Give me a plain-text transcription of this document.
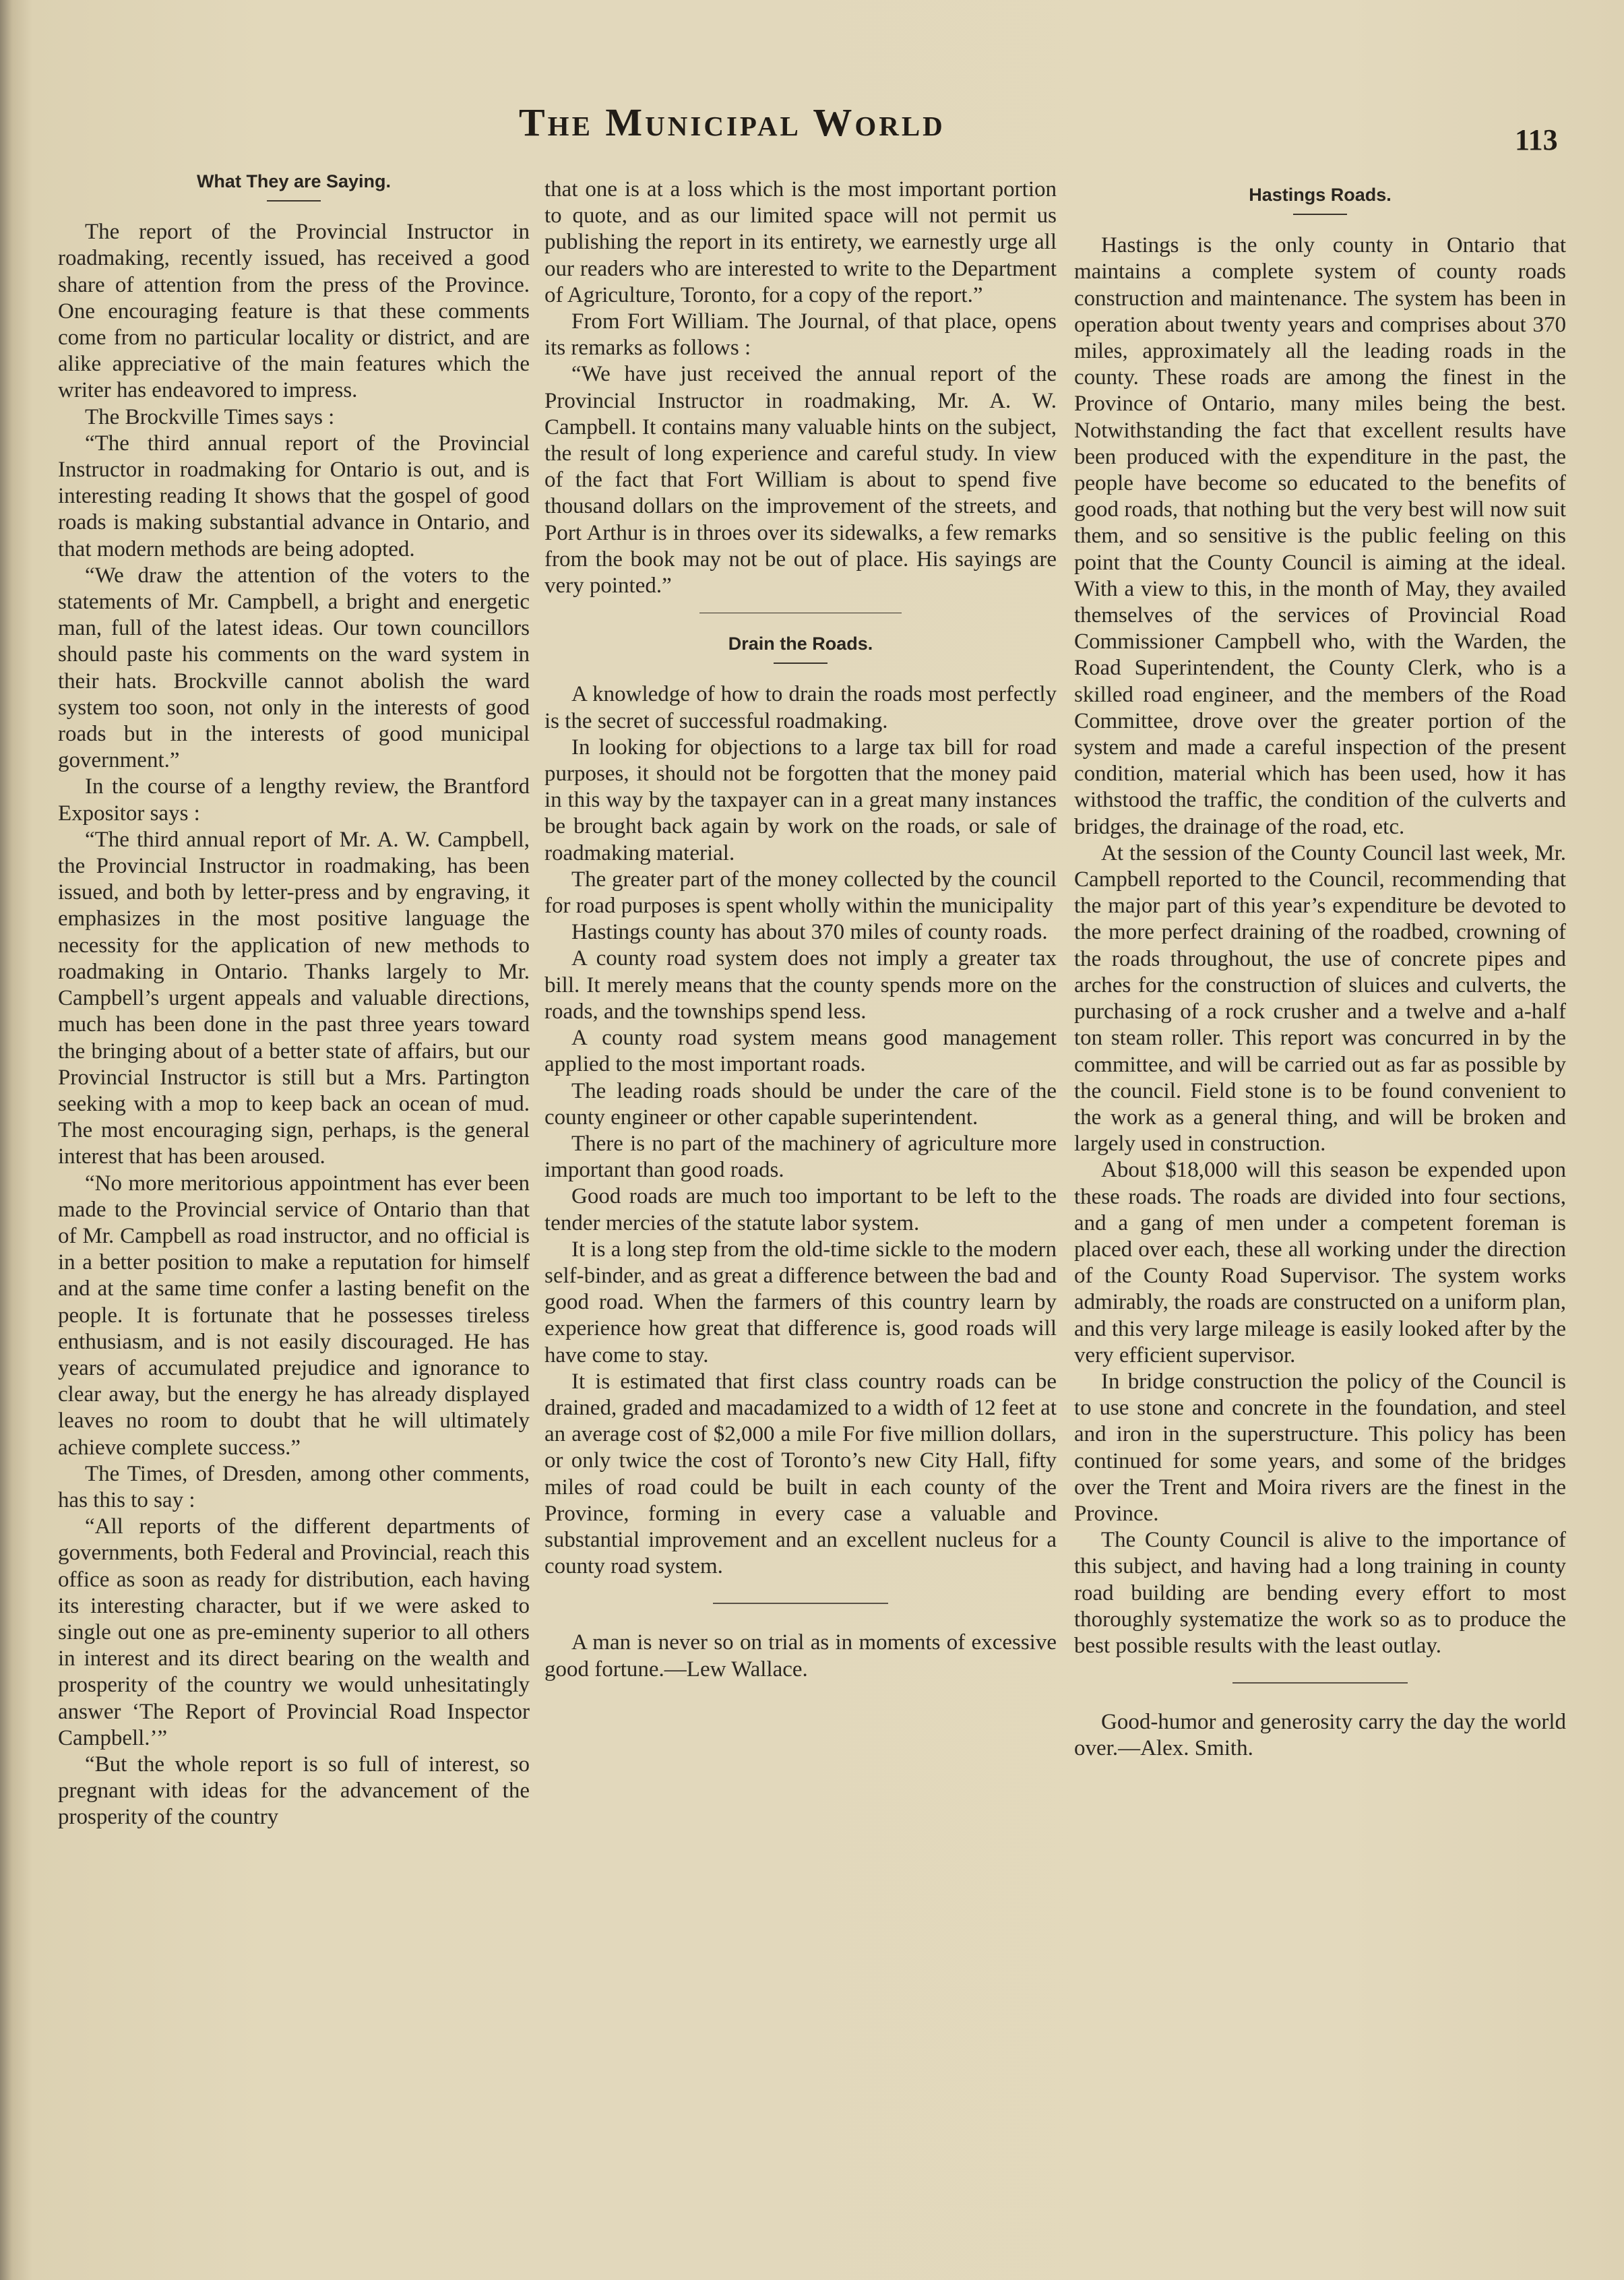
The Municipal World	113
What They are Saying.

The report of the Provincial Instructor in roadmaking, recently issued, has received a good share of attention from the press of the Province. One encouraging feature is that these comments come from no particular locality or district, and are alike appreciative of the main features which the writer has endeavored to impress.

The Brockville Times says :

“The third annual report of the Provincial Instructor in roadmaking for Ontario is out, and is interesting reading It shows that the gospel of good roads is making substantial advance in Ontario, and that modern methods are being adopted.

“We draw the attention of the voters to the statements of Mr. Campbell, a bright and energetic man, full of the latest ideas. Our town councillors should paste his comments on the ward system in their hats. Brockville cannot abolish the ward system too soon, not only in the interests of good roads but in the interests of good municipal government.”

In the course of a lengthy review, the Brantford Expositor says :

“The third annual report of Mr. A. W. Campbell, the Provincial Instructor in roadmaking, has been issued, and both by letter-press and by engraving, it emphasizes in the most positive language the necessity for the application of new methods to roadmaking in Ontario. Thanks largely to Mr. Campbell’s urgent appeals and valuable directions, much has been done in the past three years toward the bringing about of a better state of affairs, but our Provincial Instructor is still but a Mrs. Partington seeking with a mop to keep back an ocean of mud. The most encouraging sign, perhaps, is the general interest that has been aroused.

“No more meritorious appointment has ever been made to the Provincial service of Ontario than that of Mr. Campbell as road instructor, and no official is in a better position to make a reputation for himself and at the same time confer a lasting benefit on the people. It is fortunate that he possesses tireless enthusiasm, and is not easily discouraged. He has years of accumulated prejudice and ignorance to clear away, but the energy he has already displayed leaves no room to doubt that he will ultimately achieve complete success.”

The Times, of Dresden, among other comments, has this to say :

“All reports of the different departments of governments, both Federal and Provincial, reach this office as soon as ready for distribution, each having its interesting character, but if we were asked to single out one as pre-eminenty superior to all others in interest and its direct bearing on the wealth and prosperity of the country we would unhesitatingly answer ‘The Report of Provincial Road Inspector Campbell.’”

“But the whole report is so full of interest, so pregnant with ideas for the advancement of the prosperity of the country

that one is at a loss which is the most important portion to quote, and as our limited space will not permit us publishing the report in its entirety, we earnestly urge all our readers who are interested to write to the Department of Agriculture, Toronto, for a copy of the report.”

From Fort William. The Journal, of that place, opens its remarks as follows :

“We have just received the annual report of the Provincial Instructor in roadmaking, Mr. A. W. Campbell. It contains many valuable hints on the subject, the result of long experience and careful study. In view of the fact that Fort William is about to spend five thousand dollars on the improvement of the streets, and Port Arthur is in throes over its sidewalks, a few remarks from the book may not be out of place. His sayings are very pointed.”

Drain the Roads.

A knowledge of how to drain the roads most perfectly is the secret of successful roadmaking.

In looking for objections to a large tax bill for road purposes, it should not be forgotten that the money paid in this way by the taxpayer can in a great many instances be brought back again by work on the roads, or sale of roadmaking material.

The greater part of the money collected by the council for road purposes is spent wholly within the municipality

Hastings county has about 370 miles of county roads.

A county road system does not imply a greater tax bill. It merely means that the county spends more on the roads, and the townships spend less.

A county road system means good management applied to the most important roads.

The leading roads should be under the care of the county engineer or other capable superintendent.

There is no part of the machinery of agriculture more important than good roads.

Good roads are much too important to be left to the tender mercies of the statute labor system.

It is a long step from the old-time sickle to the modern self-binder, and as great a difference between the bad and good road. When the farmers of this country learn by experience how great that difference is, good roads will have come to stay.

It is estimated that first class country roads can be drained, graded and macadamized to a width of 12 feet at an average cost of $2,000 a mile For five million dollars, or only twice the cost of Toronto’s new City Hall, fifty miles of road could be built in each county of the Province, forming in every case a valuable and substantial improvement and an excellent nucleus for a county road system.

A man is never so on trial as in moments of excessive good fortune.—Lew Wallace.

Hastings Roads.

Hastings is the only county in Ontario that maintains a complete system of county roads construction and maintenance. The system has been in operation about twenty years and comprises about 370 miles, approximately all the leading roads in the county. These roads are among the finest in the Province of Ontario, many miles being the best. Notwithstanding the fact that excellent results have been produced with the expenditure in the past, the people have become so educated to the benefits of good roads, that nothing but the very best will now suit them, and so sensitive is the public feeling on this point that the County Council is aiming at the ideal. With a view to this, in the month of May, they availed themselves of the services of Provincial Road Commissioner Campbell who, with the Warden, the Road Superintendent, the County Clerk, who is a skilled road engineer, and the members of the Road Committee, drove over the greater portion of the system and made a careful inspection of the present condition, material which has been used, how it has withstood the traffic, the condition of the culverts and bridges, the drainage of the road, etc.

At the session of the County Council last week, Mr. Campbell reported to the Council, recommending that the major part of this year’s expenditure be devoted to the more perfect draining of the roadbed, crowning of the roads throughout, the use of concrete pipes and arches for the construction of sluices and culverts, the purchasing of a rock crusher and a twelve and a-half ton steam roller. This report was concurred in by the committee, and will be carried out as far as possible by the council. Field stone is to be found convenient to the work as a general thing, and will be broken and largely used in construction.

About $18,000 will this season be expended upon these roads. The roads are divided into four sections, and a gang of men under a competent foreman is placed over each, these all working under the direction of the County Road Supervisor. The system works admirably, the roads are constructed on a uniform plan, and this very large mileage is easily looked after by the very efficient supervisor.

In bridge construction the policy of the Council is to use stone and concrete in the foundation, and steel and iron in the superstructure. This policy has been continued for some years, and some of the bridges over the Trent and Moira rivers are the finest in the Province.

The County Council is alive to the importance of this subject, and having had a long training in county road building are bending every effort to most thoroughly systematize the work so as to produce the best possible results with the least outlay.

Good-humor and generosity carry the day the world over.—Alex. Smith.
